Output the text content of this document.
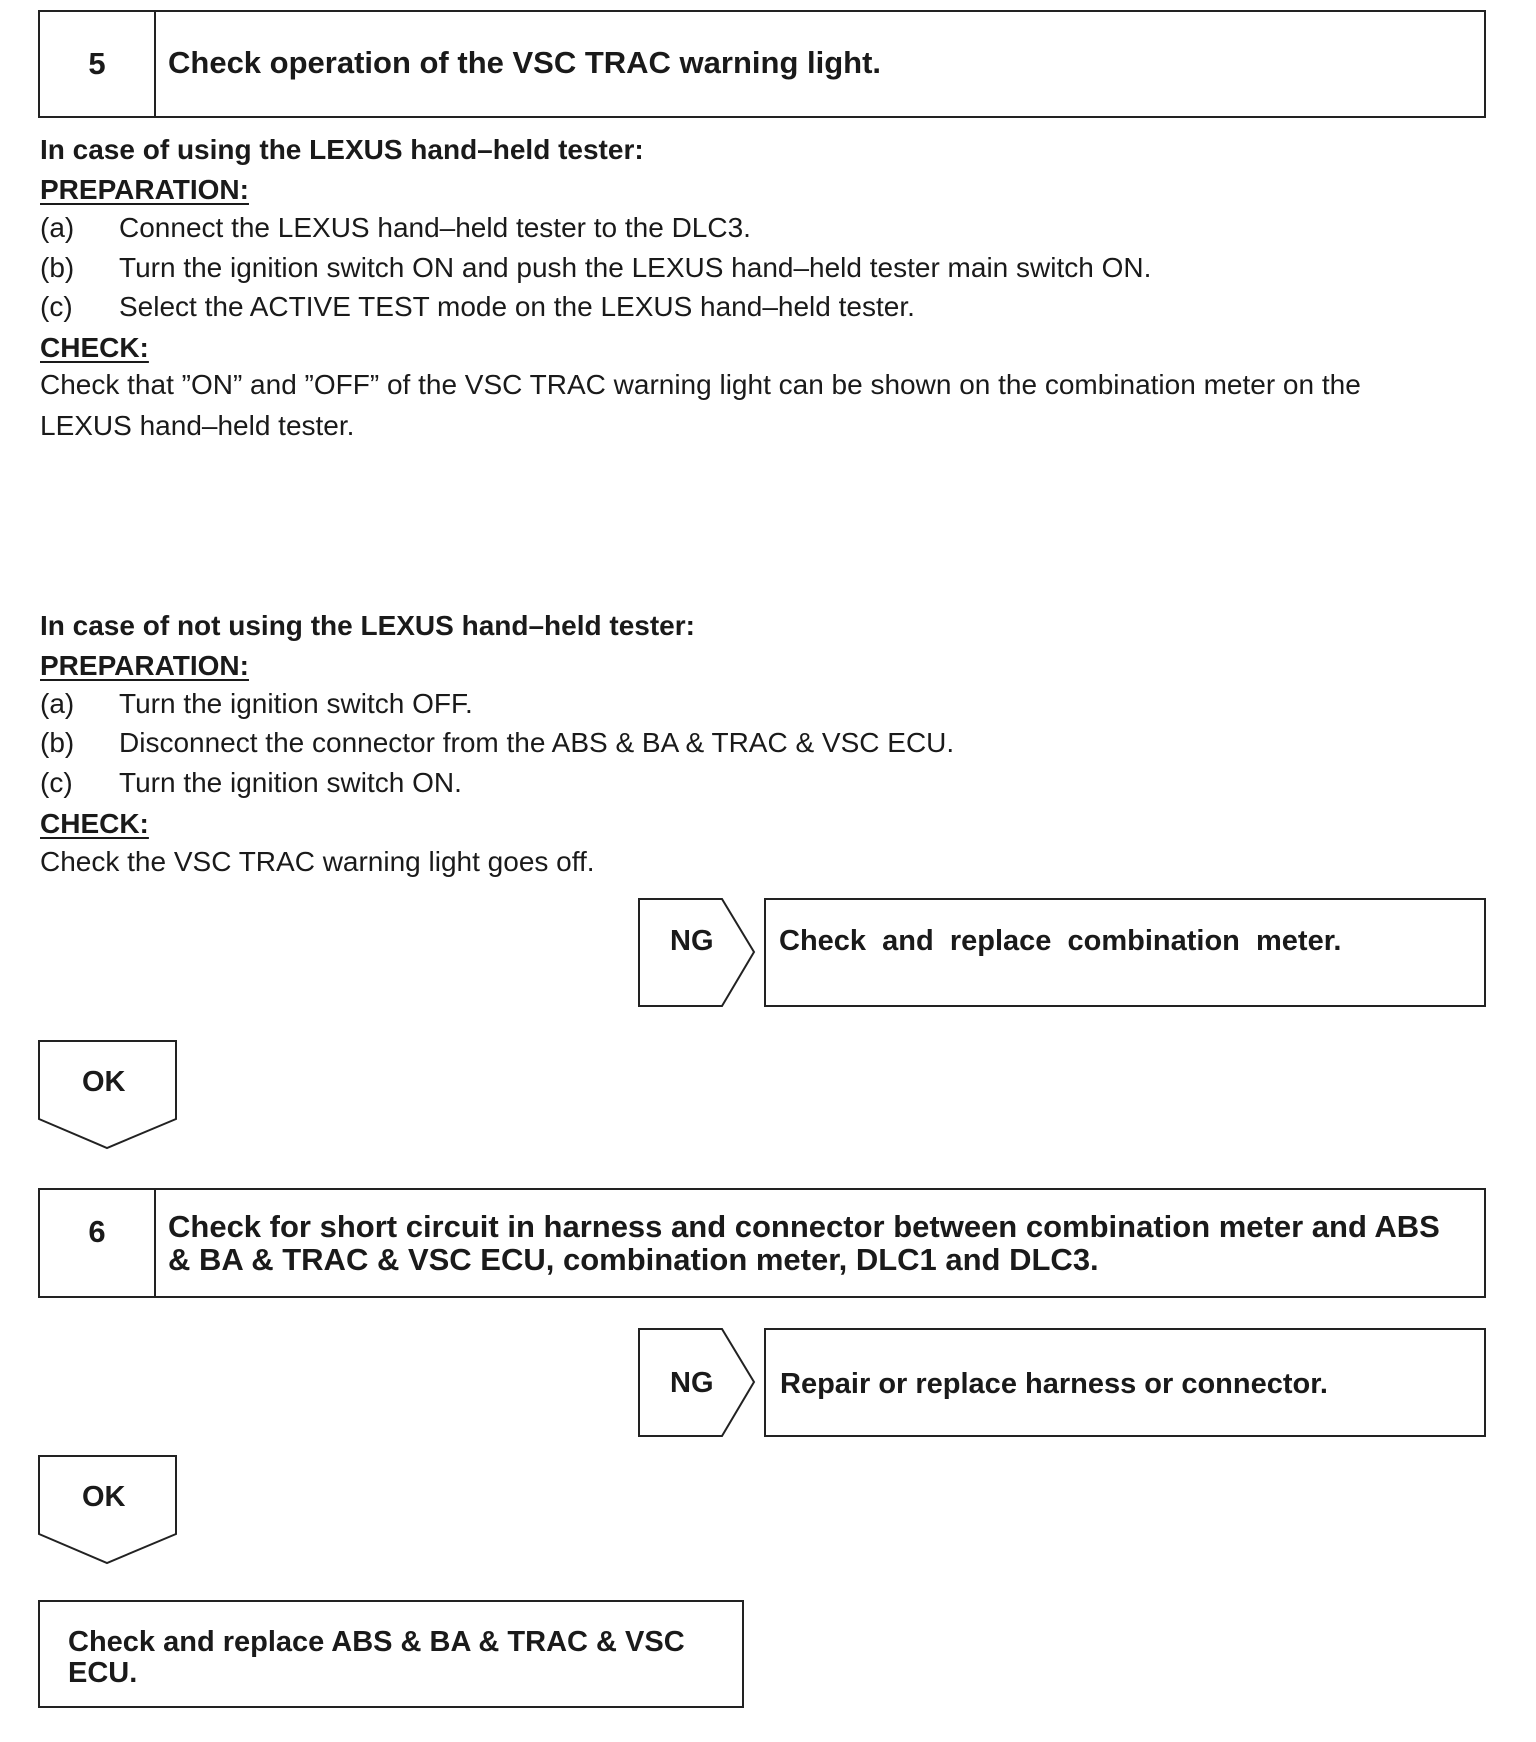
5	Check operation of the VSC TRAC warning light.
In case of using the LEXUS hand–held tester:
PREPARATION:
(a)	Connect the LEXUS hand–held tester to the DLC3.
(b)	Turn the ignition switch ON and push the LEXUS hand–held tester main switch ON.
(c)	Select the ACTIVE TEST mode on the LEXUS hand–held tester.
CHECK:
Check that ”ON” and ”OFF” of the VSC TRAC warning light can be shown on the combination meter on the
LEXUS hand–held tester.
In case of not using the LEXUS hand–held tester:
PREPARATION:
(a)	Turn the ignition switch OFF.
(b)	Disconnect the connector from the ABS & BA & TRAC & VSC ECU.
(c)	Turn the ignition switch ON.
CHECK:
Check the VSC TRAC warning light goes off.
NG Check  and  replace  combination  meter.
OK
6	Check for short circuit in harness and connector between combination meter and ABS
& BA & TRAC & VSC ECU, combination meter, DLC1 and DLC3.
NG Repair or replace harness or connector.
OK
Check and replace ABS & BA & TRAC & VSC
ECU.
